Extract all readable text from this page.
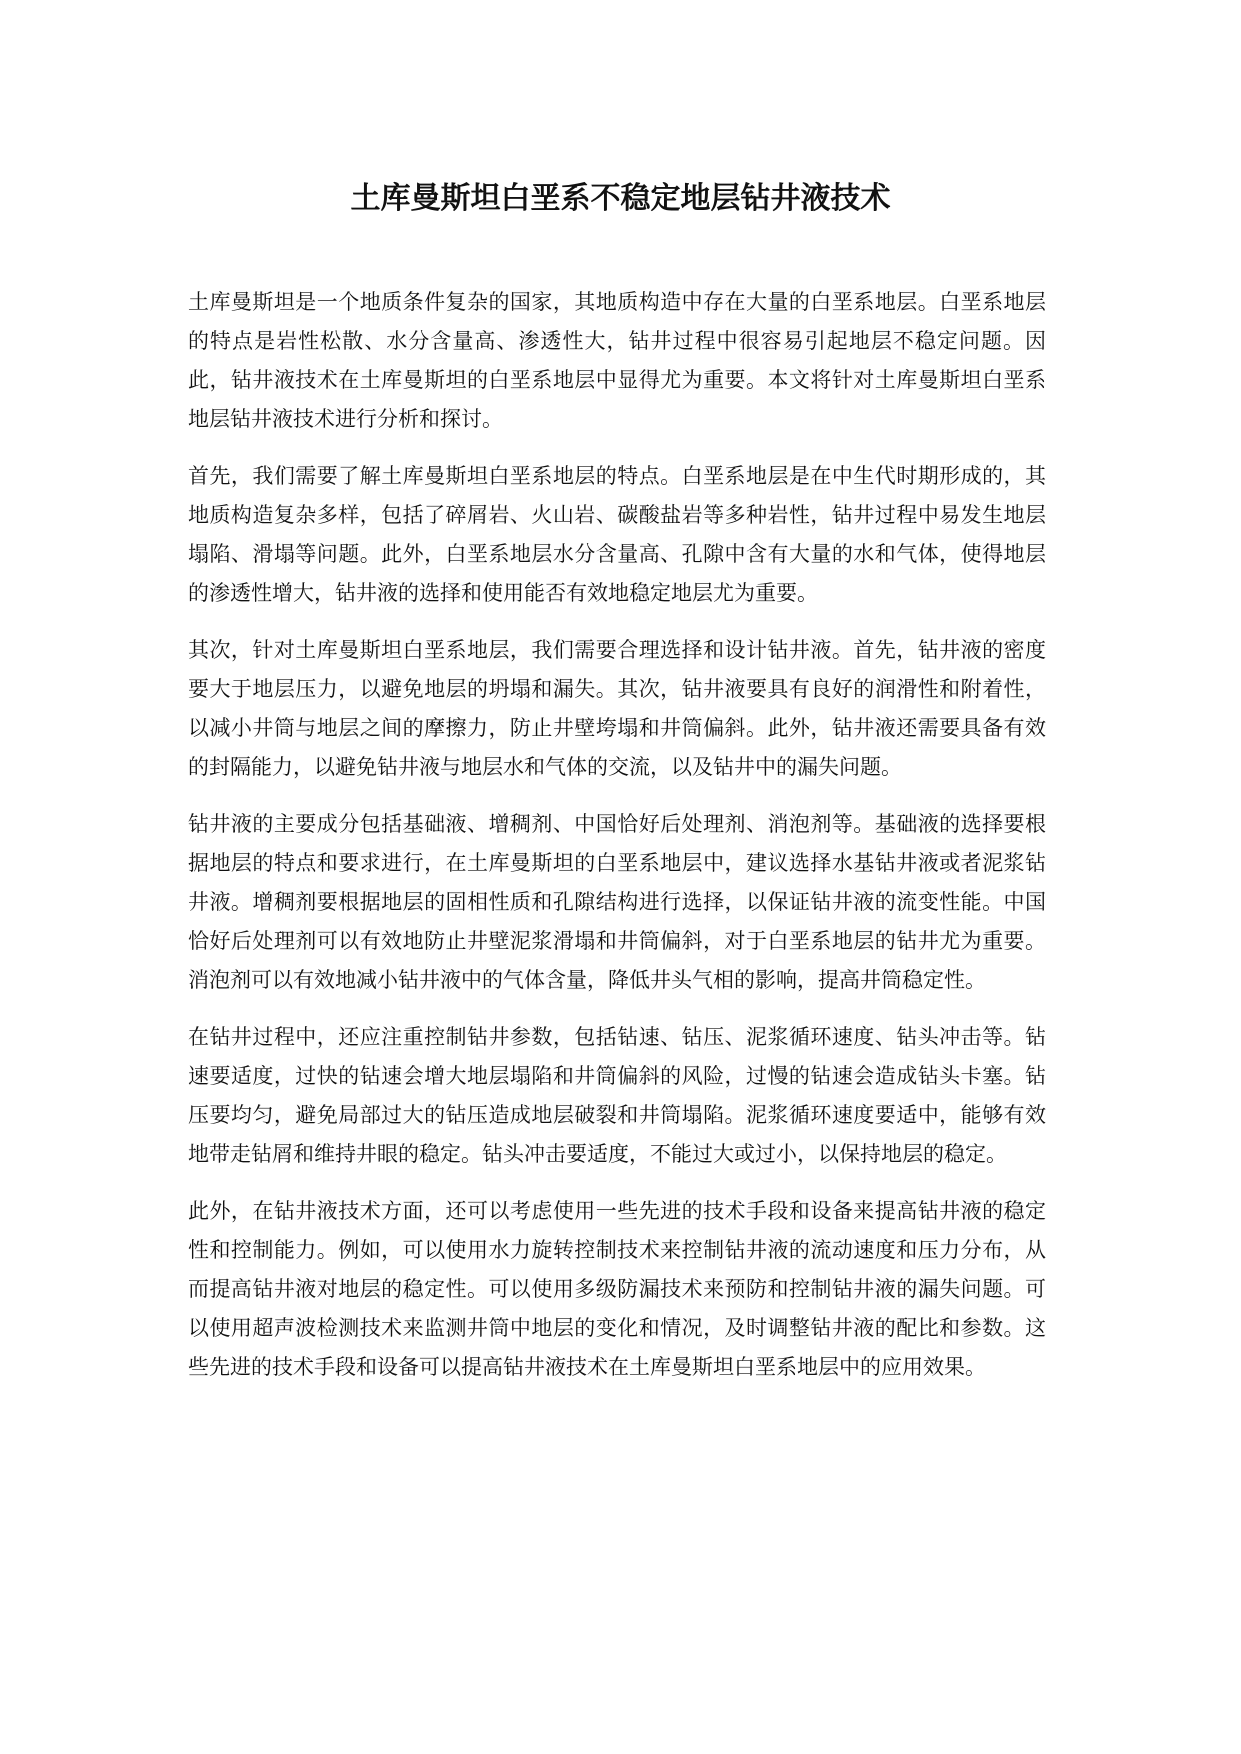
土库曼斯坦白垩系不稳定地层钻井液技术

土库曼斯坦是一个地质条件复杂的国家，其地质构造中存在大量的白垩系地层。白垩系地层的特点是岩性松散、水分含量高、渗透性大，钻井过程中很容易引起地层不稳定问题。因此，钻井液技术在土库曼斯坦的白垩系地层中显得尤为重要。本文将针对土库曼斯坦白垩系地层钻井液技术进行分析和探讨。

首先，我们需要了解土库曼斯坦白垩系地层的特点。白垩系地层是在中生代时期形成的，其地质构造复杂多样，包括了碎屑岩、火山岩、碳酸盐岩等多种岩性，钻井过程中易发生地层塌陷、滑塌等问题。此外，白垩系地层水分含量高、孔隙中含有大量的水和气体，使得地层的渗透性增大，钻井液的选择和使用能否有效地稳定地层尤为重要。

其次，针对土库曼斯坦白垩系地层，我们需要合理选择和设计钻井液。首先，钻井液的密度要大于地层压力，以避免地层的坍塌和漏失。其次，钻井液要具有良好的润滑性和附着性，以减小井筒与地层之间的摩擦力，防止井壁垮塌和井筒偏斜。此外，钻井液还需要具备有效的封隔能力，以避免钻井液与地层水和气体的交流，以及钻井中的漏失问题。

钻井液的主要成分包括基础液、增稠剂、中国恰好后处理剂、消泡剂等。基础液的选择要根据地层的特点和要求进行，在土库曼斯坦的白垩系地层中，建议选择水基钻井液或者泥浆钻井液。增稠剂要根据地层的固相性质和孔隙结构进行选择，以保证钻井液的流变性能。中国恰好后处理剂可以有效地防止井壁泥浆滑塌和井筒偏斜，对于白垩系地层的钻井尤为重要。消泡剂可以有效地减小钻井液中的气体含量，降低井头气相的影响，提高井筒稳定性。

在钻井过程中，还应注重控制钻井参数，包括钻速、钻压、泥浆循环速度、钻头冲击等。钻速要适度，过快的钻速会增大地层塌陷和井筒偏斜的风险，过慢的钻速会造成钻头卡塞。钻压要均匀，避免局部过大的钻压造成地层破裂和井筒塌陷。泥浆循环速度要适中，能够有效地带走钻屑和维持井眼的稳定。钻头冲击要适度，不能过大或过小，以保持地层的稳定。

此外，在钻井液技术方面，还可以考虑使用一些先进的技术手段和设备来提高钻井液的稳定性和控制能力。例如，可以使用水力旋转控制技术来控制钻井液的流动速度和压力分布，从而提高钻井液对地层的稳定性。可以使用多级防漏技术来预防和控制钻井液的漏失问题。可以使用超声波检测技术来监测井筒中地层的变化和情况，及时调整钻井液的配比和参数。这些先进的技术手段和设备可以提高钻井液技术在土库曼斯坦白垩系地层中的应用效果。
